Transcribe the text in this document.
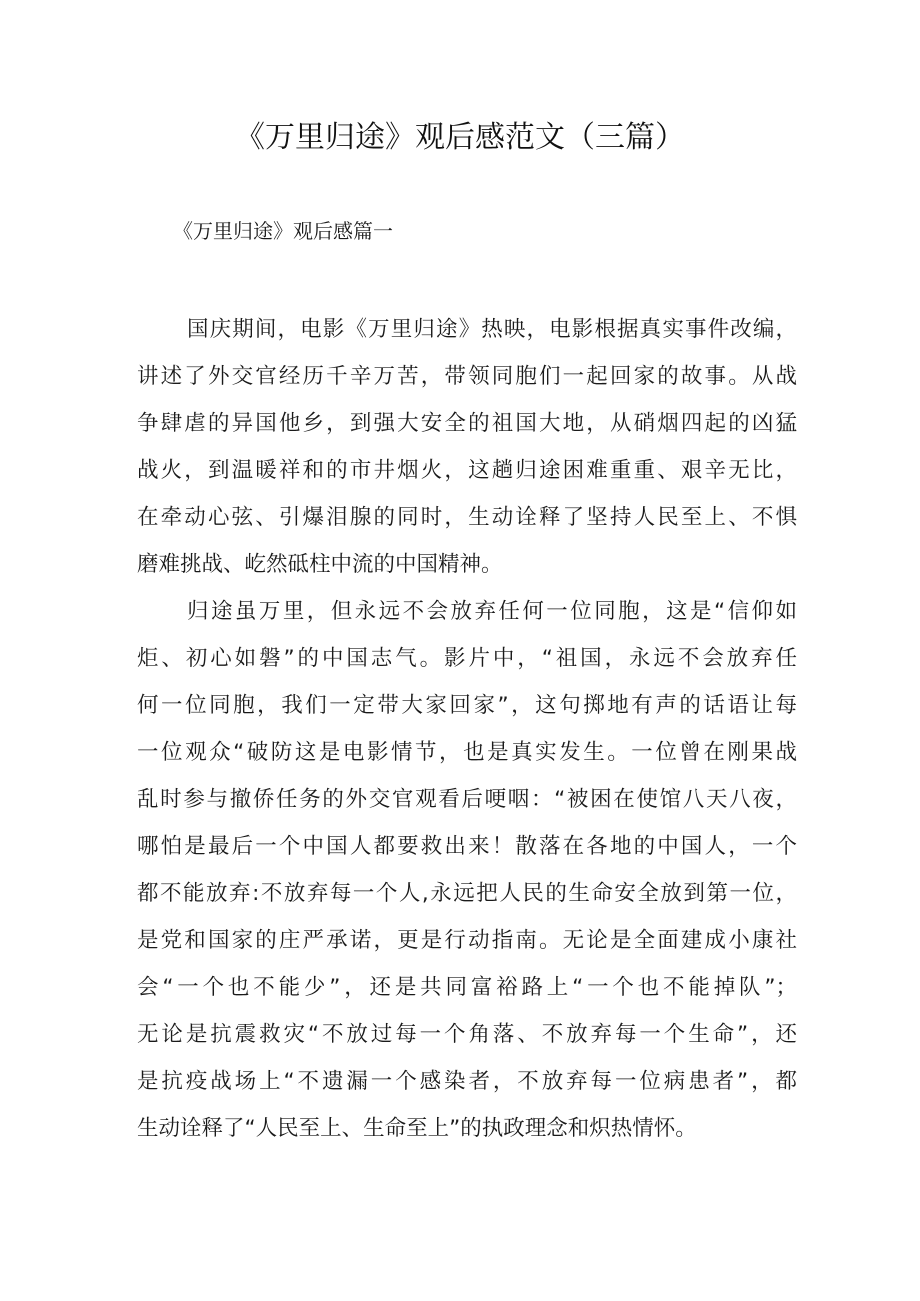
《万里归途》观后感范文（三篇）
《万里归途》观后感篇一
国庆期间，电影《万里归途》热映，电影根据真实事件改编，
讲述了外交官经历千辛万苦，带领同胞们一起回家的故事。从战
争肆虐的异国他乡，到强大安全的祖国大地，从硝烟四起的凶猛
战火，到温暖祥和的市井烟火，这趟归途困难重重、艰辛无比，
在牵动心弦、引爆泪腺的同时，生动诠释了坚持人民至上、不惧
磨难挑战、屹然砥柱中流的中国精神。
归途虽万里，但永远不会放弃任何一位同胞，这是“信仰如
炬、初心如磐”的中国志气。影片中，“祖国，永远不会放弃任
何一位同胞，我们一定带大家回家”，这句掷地有声的话语让每
一位观众“破防这是电影情节，也是真实发生。一位曾在刚果战
乱时参与撤侨任务的外交官观看后哽咽：“被困在使馆八天八夜，
哪怕是最后一个中国人都要救出来！散落在各地的中国人，一个
都不能放弃:不放弃每一个人,永远把人民的生命安全放到第一位，
是党和国家的庄严承诺，更是行动指南。无论是全面建成小康社
会“一个也不能少”，还是共同富裕路上“一个也不能掉队”；
无论是抗震救灾“不放过每一个角落、不放弃每一个生命”，还
是抗疫战场上“不遗漏一个感染者，不放弃每一位病患者”，都
生动诠释了“人民至上、生命至上”的执政理念和炽热情怀。
